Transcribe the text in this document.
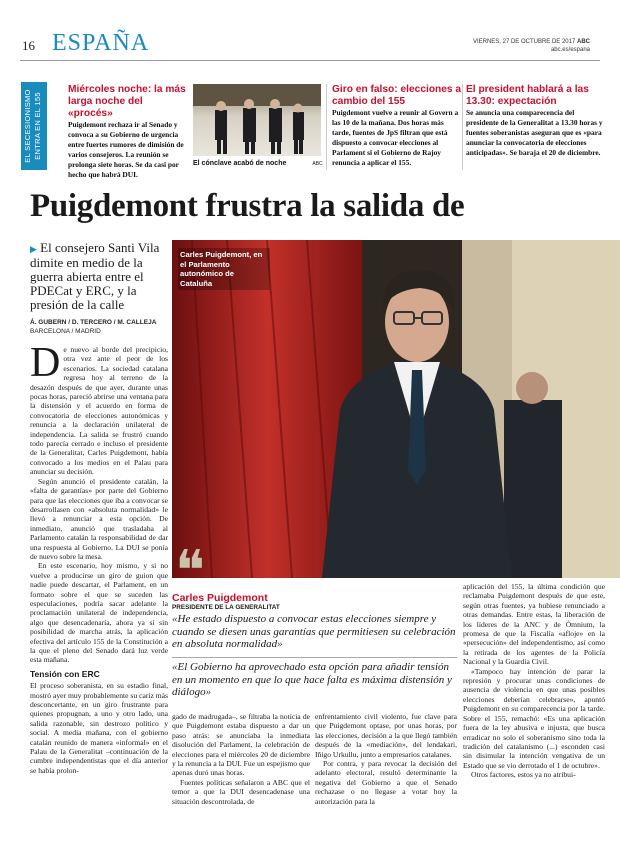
16 ESPAÑA	VIERNES, 27 DE OCTUBRE DE 2017 ABC
abc.es/espana
EL SECESIONISMO ENTRA EN EL 155
Miércoles noche: la más larga noche del «procés»
Puigdemont rechaza ir al Senado y convoca a su Gobierno de urgencia entre fuertes rumores de dimisión de varios consejeros. La reunión se prolonga siete horas. Se da casi por hecho que habrá DUI.
El cónclave acabó de noche	ABC
Giro en falso: elecciones a cambio del 155
Puigdemont vuelve a reunir al Govern a las 10 de la mañana. Dos horas más tarde, fuentes de JpS filtran que está dispuesto a convocar elecciones al Parlament si el Gobierno de Rajoy renuncia a aplicar el 155.
El president hablará a las 13.30: expectación
Se anuncia una comparecencia del presidente de la Generalitat a 13.30 horas y fuentes soberanistas aseguran que es «para anunciar la convocatoria de elecciones anticipadas». Se baraja el 20 de diciembre.
Puigdemont frustra la salida de
▶ El consejero Santi Vila dimite en medio de la guerra abierta entre el PDECat y ERC, y la presión de la calle
Á. GUBERN / D. TERCERO / M. CALLEJA
BARCELONA / MADRID
D e nuevo al borde del precipicio, otra vez ante el peor de los escenarios. La sociedad catalana regresa hoy al terreno de la desazón después de que ayer, durante unas pocas horas, pareció abrirse una ventana para la distensión y el acuerdo en forma de convocatoria de elecciones autonómicas y renuncia a la declaración unilateral de independencia. La salida se frustró cuando todo parecía cerrado e incluso el presidente de la Generalitat, Carles Puigdemont, había convocado a los medios en el Palau para anunciar su decisión.

Según anunció el presidente catalán, la «falta de garantías» por parte del Gobierno para que las elecciones que iba a convocar se desarrollasen con «absoluta normalidad» le llevó a renunciar a esta opción. De inmediato, anunció que trasladaba al Parlamento catalán la responsabilidad de dar una respuesta al Gobierno. La DUI se ponía de nuevo sobre la mesa.

En este escenario, hoy mismo, y si no vuelve a producirse un giro de guion que nadie puede descartar, el Parlament, en un formato sobre el que se suceden las especulaciones, podría sacar adelante la proclamación unilateral de independencia, algo que desencadenaría, ahora ya sí sin posibilidad de marcha atrás, la aplicación efectiva del artículo 155 de la Constitución a la que el pleno del Senado dará luz verde esta mañana.

Tensión con ERC

El proceso soberanista, en su estadio final, mostró ayer muy probablemente su cariz más desconcertante, en un giro frustrante para quienes propugnan, a uno y otro lado, una salida razonable, sin destrozo político y social. A media mañana, con el gobierno catalán reunido de manera «informal» en el Palau de la Generalitat –continuación de la cumbre independentistas que el día anterior se había prolon-

Carles Puigdemont, en el Parlamento autonómico de Cataluña
❝
Carles Puigdemont
PRESIDENTE DE LA GENERALITAT
«He estado dispuesto a convocar estas elecciones siempre y cuando se diesen unas garantías que permitiesen su celebración en absoluta normalidad»
«El Gobierno ha aprovechado esta opción para añadir tensión en un momento en que lo que hace falta es máxima distensión y diálogo»

gado de madrugada–, se filtraba la noticia de que Puigdemont estaba dispuesto a dar un paso atrás: se anunciaba la inmediata disolución del Parlament, la celebración de elecciones para el miércoles 20 de diciembre y la renuncia a la DUI. Fue un espejismo que apenas duró unas horas.

Fuentes políticas señalaron a ABC que el temor a que la DUI desencadenase una situación descontrolada, de

enfrentamiento civil violento, fue clave para que Puigdemont optase, por unas horas, por las elecciones, decisión a la que llegó también después de la «mediación», del lendakari, Iñigo Urkullu, junto a empresarios catalanes.

Por contra, y para revocar la decisión del adelanto electoral, resultó determinante la negativa del Gobierno a que el Senado rechazase o no llegase a votar hoy la autorización para la

aplicación del 155, la última condición que reclamaba Puigdemont después de que este, según otras fuentes, ya hubiese renunciado a otras demandas. Entre estas, la liberación de los líderes de la ANC y de Òmnium, la promesa de que la Fiscalía «afloje» en la «persecución» del independentismo, así como la retirada de los agentes de la Policía Nacional y la Guardia Civil.

«Tampoco hay intención de parar la represión y procurar unas condiciones de ausencia de violencia en que unas posibles elecciones deberían celebrarse», apuntó Puigdemont en su comparecencia por la tarde. Sobre el 155, remachó: «Es una aplicación fuera de la ley abusiva e injusta, que busca erradicar no solo el soberanismo sino toda la tradición del catalanismo (...) esconden casi sin disimular la intención vengativa de un Estado que se vio derrotado el 1 de octubre».

Otros factores, estos ya no atribui-
